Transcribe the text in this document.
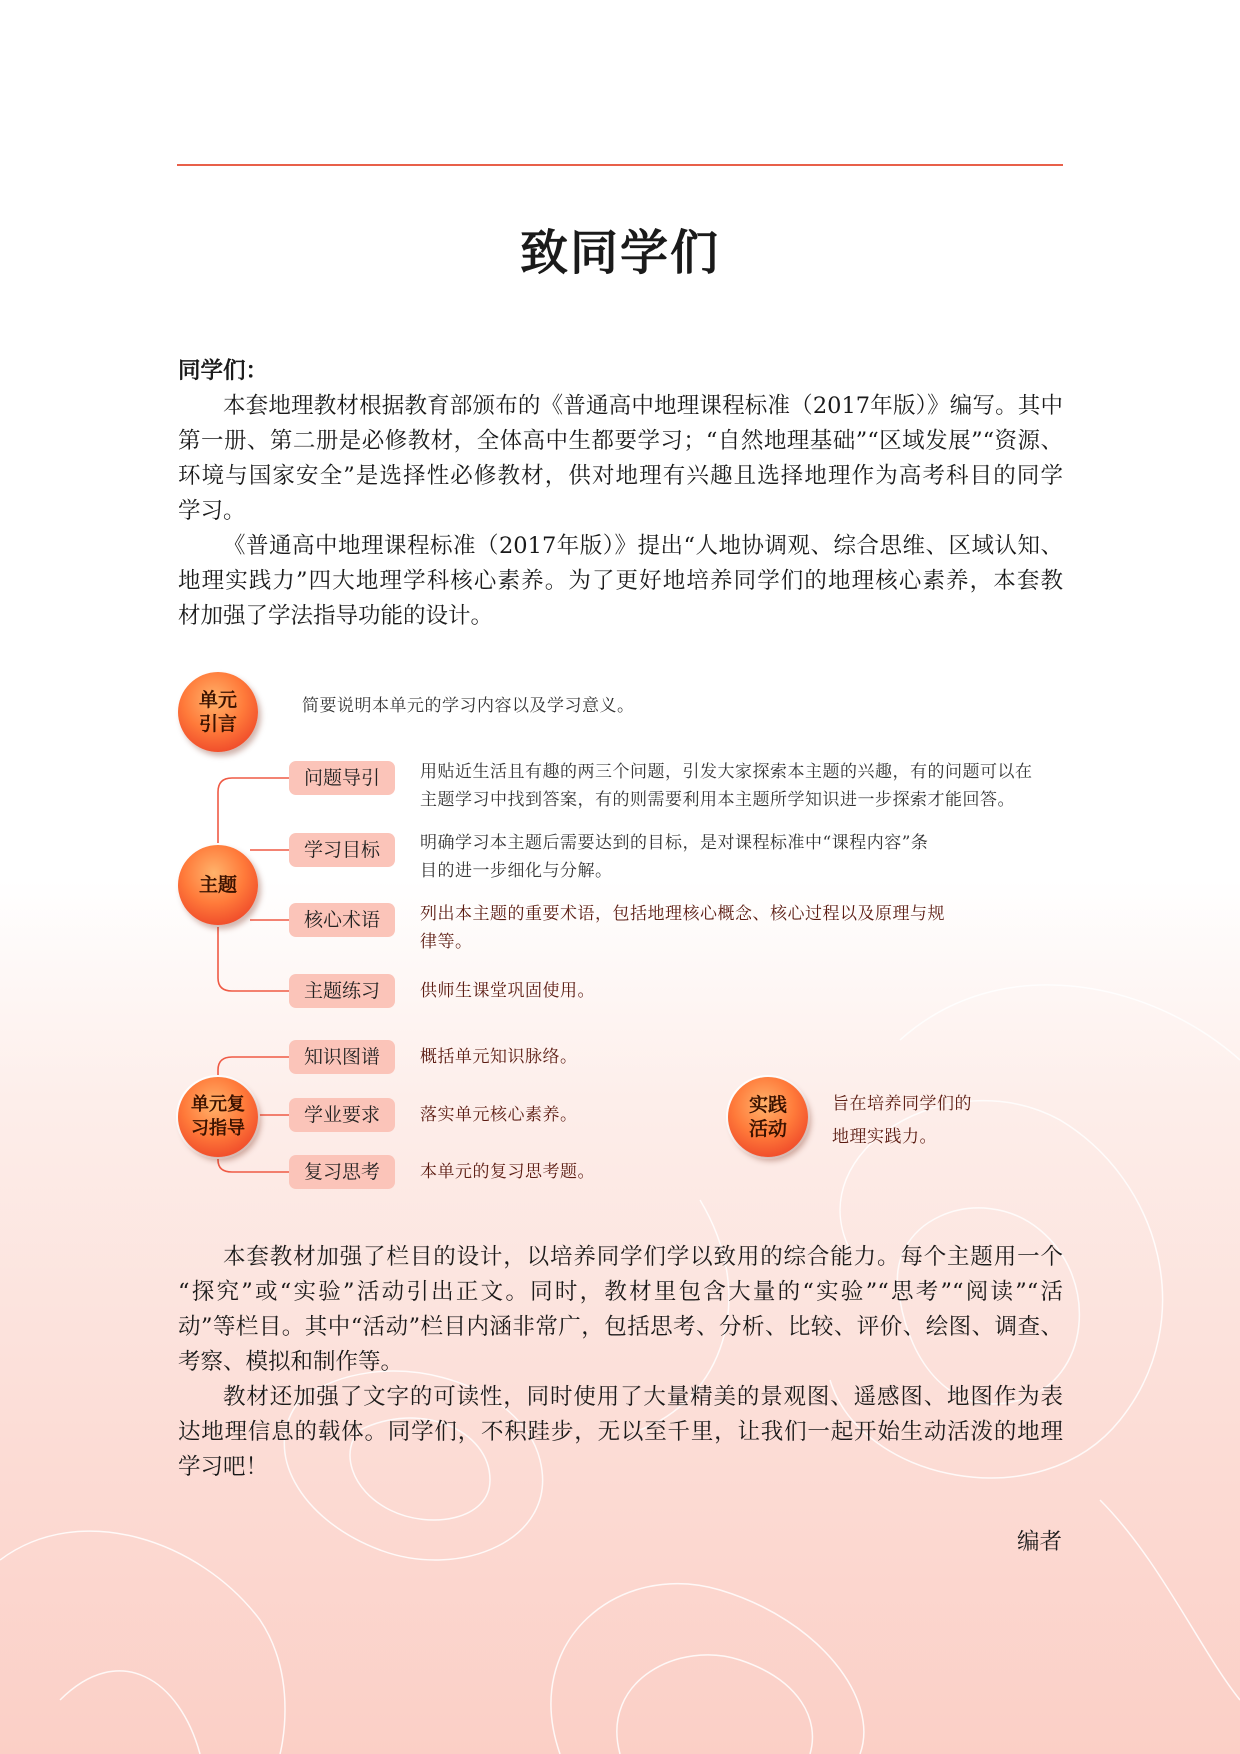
致同学们
同学们：
本套地理教材根据教育部颁布的《普通高中地理课程标准（2017年版）》编写。其中
第一册、第二册是必修教材，全体高中生都要学习；“自然地理基础”“区域发展”“资源、
环境与国家安全”是选择性必修教材，供对地理有兴趣且选择地理作为高考科目的同学
学习。
《普通高中地理课程标准（2017年版）》提出“人地协调观、综合思维、区域认知、
地理实践力”四大地理学科核心素养。为了更好地培养同学们的地理核心素养，本套教
材加强了学法指导功能的设计。
单元
引言
简要说明本单元的学习内容以及学习意义。
主题
问题导引	用贴近生活且有趣的两三个问题，引发大家探索本主题的兴趣，有的问题可以在
主题学习中找到答案，有的则需要利用本主题所学知识进一步探索才能回答。
学习目标	明确学习本主题后需要达到的目标，是对课程标准中“课程内容”条
目的进一步细化与分解。
核心术语	列出本主题的重要术语，包括地理核心概念、核心过程以及原理与规
律等。
主题练习	供师生课堂巩固使用。
单元复
习指导
知识图谱	概括单元知识脉络。
学业要求	落实单元核心素养。
复习思考	本单元的复习思考题。
实践
活动
旨在培养同学们的
地理实践力。
本套教材加强了栏目的设计，以培养同学们学以致用的综合能力。每个主题用一个
“探究”或“实验”活动引出正文。同时，教材里包含大量的“实验”“思考”“阅读”“活
动”等栏目。其中“活动”栏目内涵非常广，包括思考、分析、比较、评价、绘图、调查、
考察、模拟和制作等。
教材还加强了文字的可读性，同时使用了大量精美的景观图、遥感图、地图作为表
达地理信息的载体。同学们，不积跬步，无以至千里，让我们一起开始生动活泼的地理
学习吧！
编者
